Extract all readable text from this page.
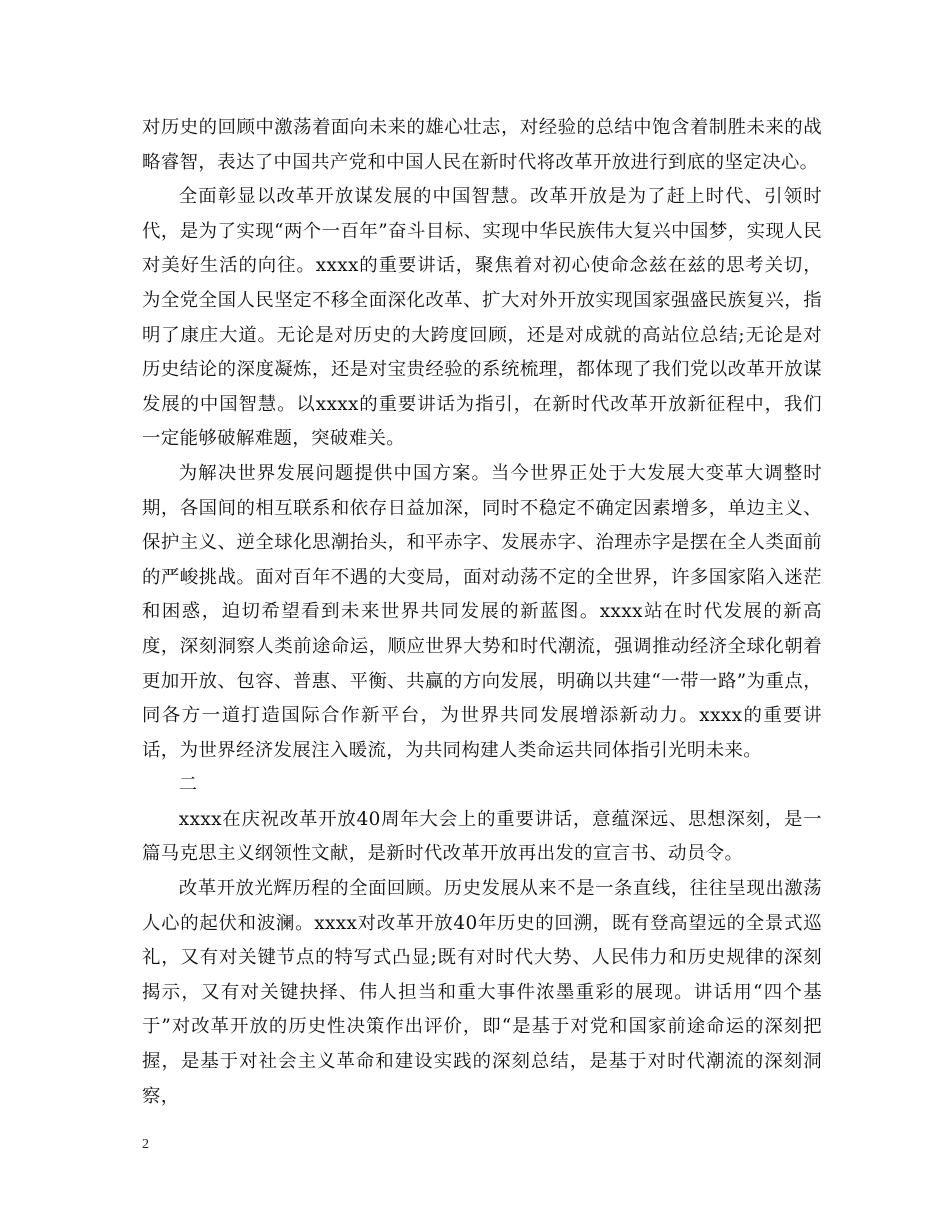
对历史的回顾中激荡着面向未来的雄心壮志，对经验的总结中饱含着制胜未来的战略睿智，表达了中国共产党和中国人民在新时代将改革开放进行到底的坚定决心。

全面彰显以改革开放谋发展的中国智慧。改革开放是为了赶上时代、引领时代，是为了实现“两个一百年”奋斗目标、实现中华民族伟大复兴中国梦，实现人民对美好生活的向往。xxxx的重要讲话，聚焦着对初心使命念兹在兹的思考关切，为全党全国人民坚定不移全面深化改革、扩大对外开放实现国家强盛民族复兴，指明了康庄大道。无论是对历史的大跨度回顾，还是对成就的高站位总结;无论是对历史结论的深度凝炼，还是对宝贵经验的系统梳理，都体现了我们党以改革开放谋发展的中国智慧。以xxxx的重要讲话为指引，在新时代改革开放新征程中，我们一定能够破解难题，突破难关。

为解决世界发展问题提供中国方案。当今世界正处于大发展大变革大调整时期，各国间的相互联系和依存日益加深，同时不稳定不确定因素增多，单边主义、保护主义、逆全球化思潮抬头，和平赤字、发展赤字、治理赤字是摆在全人类面前的严峻挑战。面对百年不遇的大变局，面对动荡不定的全世界，许多国家陷入迷茫和困惑，迫切希望看到未来世界共同发展的新蓝图。xxxx站在时代发展的新高度，深刻洞察人类前途命运，顺应世界大势和时代潮流，强调推动经济全球化朝着更加开放、包容、普惠、平衡、共赢的方向发展，明确以共建“一带一路”为重点，同各方一道打造国际合作新平台，为世界共同发展增添新动力。xxxx的重要讲话，为世界经济发展注入暖流，为共同构建人类命运共同体指引光明未来。

二

xxxx在庆祝改革开放40周年大会上的重要讲话，意蕴深远、思想深刻，是一篇马克思主义纲领性文献，是新时代改革开放再出发的宣言书、动员令。

改革开放光辉历程的全面回顾。历史发展从来不是一条直线，往往呈现出激荡人心的起伏和波澜。xxxx对改革开放40年历史的回溯，既有登高望远的全景式巡礼，又有对关键节点的特写式凸显;既有对时代大势、人民伟力和历史规律的深刻揭示，又有对关键抉择、伟人担当和重大事件浓墨重彩的展现。讲话用“四个基于”对改革开放的历史性决策作出评价，即“是基于对党和国家前途命运的深刻把握，是基于对社会主义革命和建设实践的深刻总结，是基于对时代潮流的深刻洞察，

2
